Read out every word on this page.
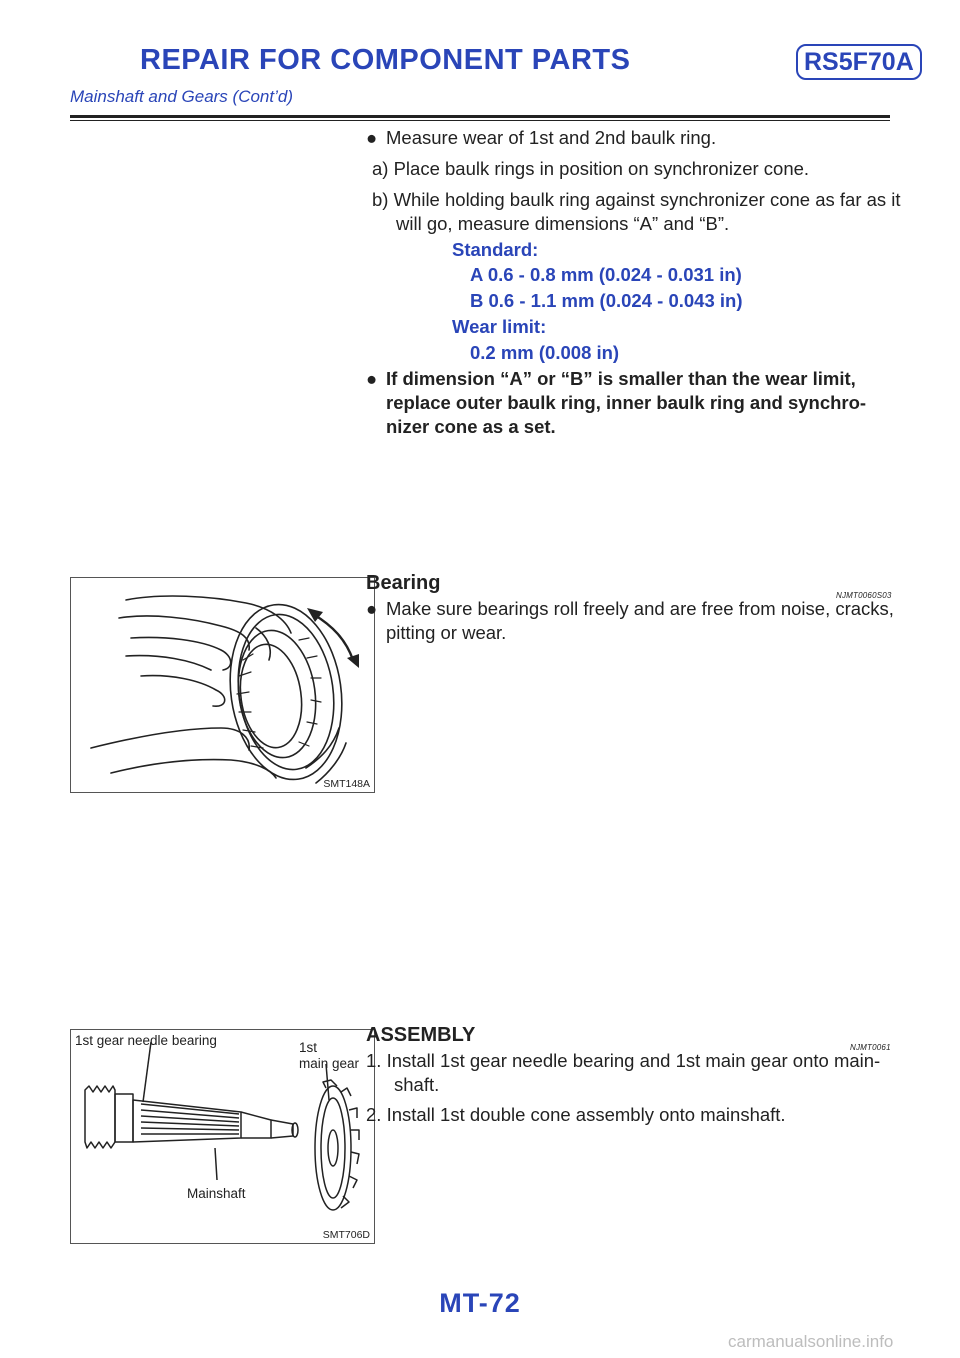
REPAIR FOR COMPONENT PARTS	RS5F70A
Mainshaft and Gears (Cont’d)
● Measure wear of 1st and 2nd baulk ring.
a) Place baulk rings in position on synchronizer cone.
b) While holding baulk ring against synchronizer cone as far as it
will go, measure dimensions “A” and “B”.
Standard:
A 0.6 - 0.8 mm (0.024 - 0.031 in)
B 0.6 - 1.1 mm (0.024 - 0.043 in)
Wear limit:
0.2 mm (0.008 in)
● If dimension “A” or “B” is smaller than the wear limit,
replace outer baulk ring, inner baulk ring and synchro-
nizer cone as a set.
SMT148A
Bearing
NJMT0060S03
● Make sure bearings roll freely and are free from noise, cracks,
pitting or wear.
1st gear needle bearing	1st
main gear
Mainshaft
SMT706D
ASSEMBLY
NJMT0061
1. Install 1st gear needle bearing and 1st main gear onto main-
shaft.
2. Install 1st double cone assembly onto mainshaft.
MT-72
carmanualsonline.info
